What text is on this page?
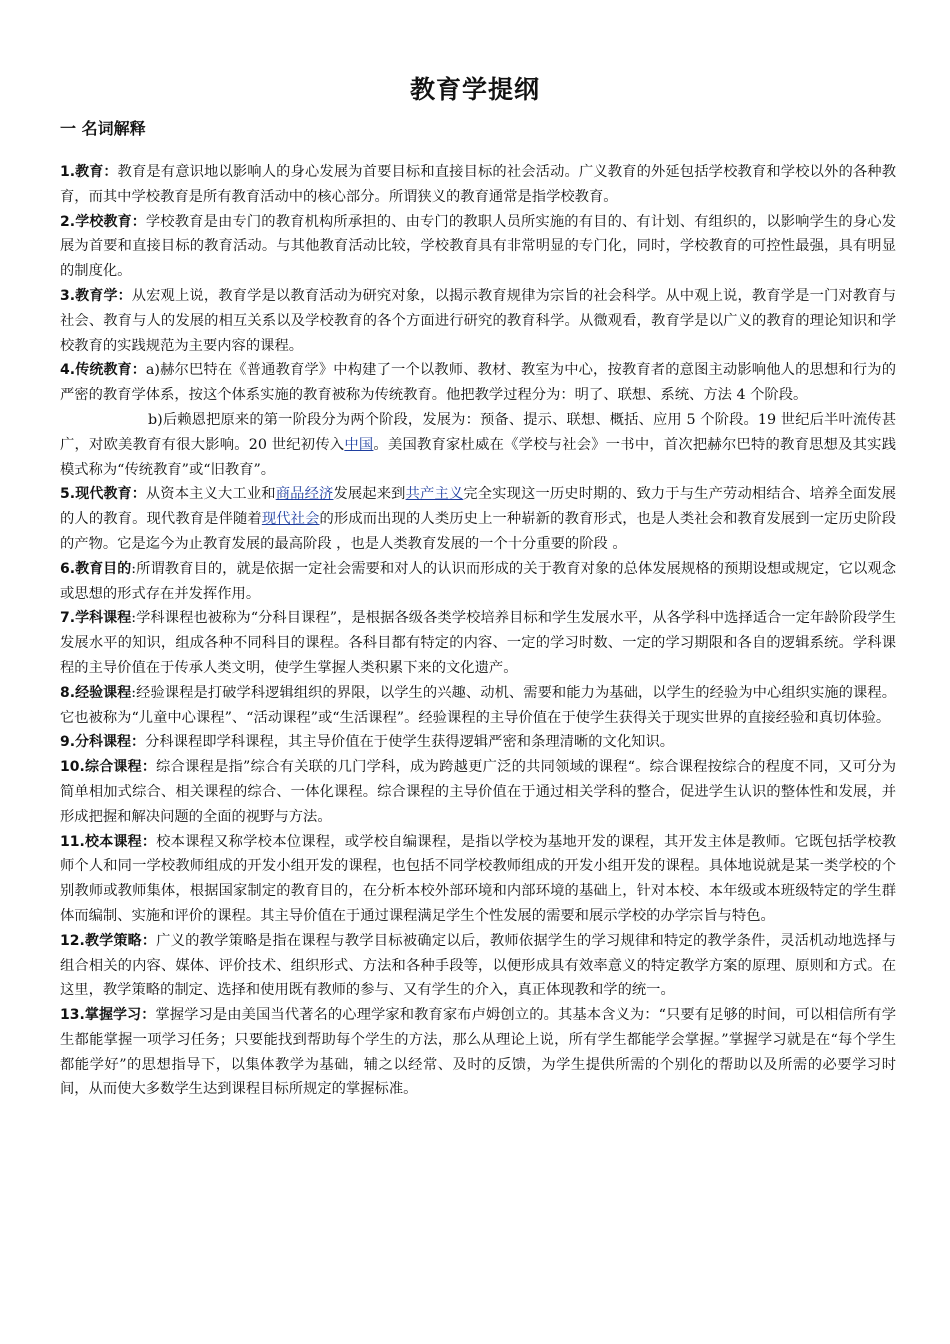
教育学提纲
一 名词解释

1.教育：教育是有意识地以影响人的身心发展为首要目标和直接目标的社会活动。广义教育的外延包括学校教育和学校以外的各种教育，而其中学校教育是所有教育活动中的核心部分。所谓狭义的教育通常是指学校教育。

2.学校教育：学校教育是由专门的教育机构所承担的、由专门的教职人员所实施的有目的、有计划、有组织的，以影响学生的身心发展为首要和直接目标的教育活动。与其他教育活动比较，学校教育具有非常明显的专门化，同时，学校教育的可控性最强，具有明显的制度化。

3.教育学：从宏观上说，教育学是以教育活动为研究对象，以揭示教育规律为宗旨的社会科学。从中观上说，教育学是一门对教育与社会、教育与人的发展的相互关系以及学校教育的各个方面进行研究的教育科学。从微观看，教育学是以广义的教育的理论知识和学校教育的实践规范为主要内容的课程。

4.传统教育：a)赫尔巴特在《普通教育学》中构建了一个以教师、教材、教室为中心，按教育者的意图主动影响他人的思想和行为的严密的教育学体系，按这个体系实施的教育被称为传统教育。他把教学过程分为：明了、联想、系统、方法 4 个阶段。

b)后赖恩把原来的第一阶段分为两个阶段，发展为：预备、提示、联想、概括、应用 5 个阶段。19 世纪后半叶流传甚广，对欧美教育有很大影响。20 世纪初传入中国。美国教育家杜威在《学校与社会》一书中，首次把赫尔巴特的教育思想及其实践模式称为“传统教育”或“旧教育”。

5.现代教育：从资本主义大工业和商品经济发展起来到共产主义完全实现这一历史时期的、致力于与生产劳动相结合、培养全面发展的人的教育。现代教育是伴随着现代社会的形成而出现的人类历史上一种崭新的教育形式，也是人类社会和教育发展到一定历史阶段的产物。它是迄今为止教育发展的最高阶段 ，也是人类教育发展的一个十分重要的阶段 。

6.教育目的:所谓教育目的，就是依据一定社会需要和对人的认识而形成的关于教育对象的总体发展规格的预期设想或规定，它以观念或思想的形式存在并发挥作用。

7.学科课程:学科课程也被称为“分科目课程”，是根据各级各类学校培养目标和学生发展水平，从各学科中选择适合一定年龄阶段学生发展水平的知识，组成各种不同科目的课程。各科目都有特定的内容、一定的学习时数、一定的学习期限和各自的逻辑系统。学科课程的主导价值在于传承人类文明，使学生掌握人类积累下来的文化遗产。

8.经验课程:经验课程是打破学科逻辑组织的界限，以学生的兴趣、动机、需要和能力为基础，以学生的经验为中心组织实施的课程。它也被称为“儿童中心课程”、“活动课程”或“生活课程”。经验课程的主导价值在于使学生获得关于现实世界的直接经验和真切体验。

9.分科课程：分科课程即学科课程，其主导价值在于使学生获得逻辑严密和条理清晰的文化知识。

10.综合课程：综合课程是指”综合有关联的几门学科，成为跨越更广泛的共同领域的课程“。综合课程按综合的程度不同，又可分为简单相加式综合、相关课程的综合、一体化课程。综合课程的主导价值在于通过相关学科的整合，促进学生认识的整体性和发展，并形成把握和解决问题的全面的视野与方法。

11.校本课程：校本课程又称学校本位课程，或学校自编课程，是指以学校为基地开发的课程，其开发主体是教师。它既包括学校教师个人和同一学校教师组成的开发小组开发的课程，也包括不同学校教师组成的开发小组开发的课程。具体地说就是某一类学校的个别教师或教师集体，根据国家制定的教育目的，在分析本校外部环境和内部环境的基础上，针对本校、本年级或本班级特定的学生群体而编制、实施和评价的课程。其主导价值在于通过课程满足学生个性发展的需要和展示学校的办学宗旨与特色。

12.教学策略：广义的教学策略是指在课程与教学目标被确定以后，教师依据学生的学习规律和特定的教学条件，灵活机动地选择与组合相关的内容、媒体、评价技术、组织形式、方法和各种手段等，以便形成具有效率意义的特定教学方案的原理、原则和方式。在这里，教学策略的制定、选择和使用既有教师的参与、又有学生的介入，真正体现教和学的统一。

13.掌握学习：掌握学习是由美国当代著名的心理学家和教育家布卢姆创立的。其基本含义为：“只要有足够的时间，可以相信所有学生都能掌握一项学习任务；只要能找到帮助每个学生的方法，那么从理论上说，所有学生都能学会掌握。”掌握学习就是在“每个学生都能学好”的思想指导下，以集体教学为基础，辅之以经常、及时的反馈，为学生提供所需的个别化的帮助以及所需的必要学习时间，从而使大多数学生达到课程目标所规定的掌握标准。
